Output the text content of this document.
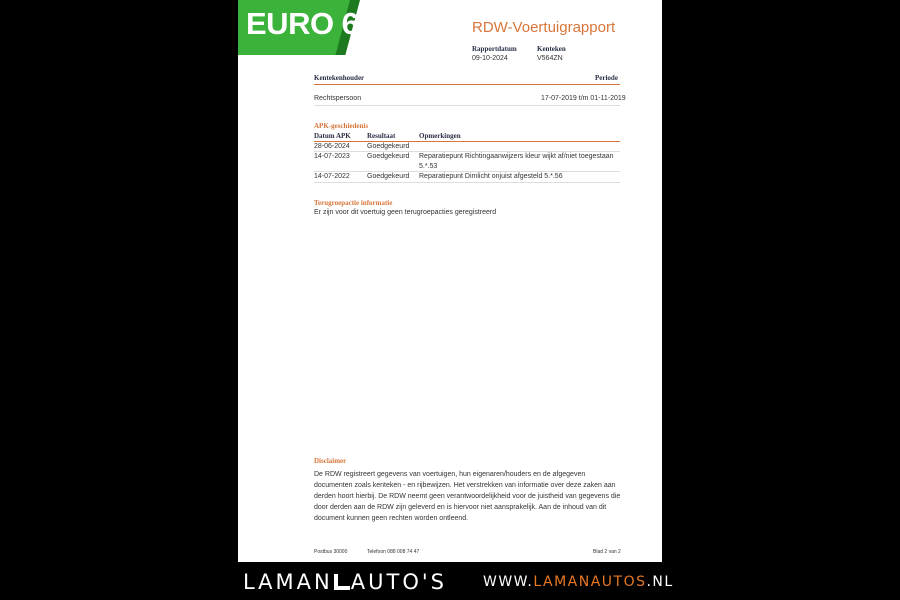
EURO 6	RDW-Voertuigrapport
Rapportdatum
09-10-2024
Kenteken
V564ZN
Kentekenhouder	Periode
Rechtspersoon	17-07-2019 t/m 01-11-2019
APK-geschiedenis
Datum APK Resultaat	Opmerkingen
28-06-2024 Goedgekeurd
14-07-2023 Goedgekeurd Reparatiepunt Richtingaanwijzers kleur wijkt af/niet toegestaan
5.*.53
14-07-2022 Goedgekeurd Reparatiepunt Dimlicht onjuist afgesteld 5.*.56
Terugroepactie informatie
Er zijn voor dit voertuig geen terugroepacties geregistreerd
Disclaimer
De RDW registreert gegevens van voertuigen, hun eigenaren/houders en de afgegeven documenten zoals kenteken - en rijbewijzen. Het verstrekken van informatie over deze zaken aan derden hoort hierbij. De RDW neemt geen verantwoordelijkheid voor de juistheid van gegevens die door derden aan de RDW zijn geleverd en is hiervoor niet aansprakelijk. Aan de inhoud van dit document kunnen geen rechten worden ontleend.
Postbus 30000	Telefoon 088 008 74 47	Blad 2 van 2
LAMAN AUTO'S	WWW.LAMANAUTOS.NL
